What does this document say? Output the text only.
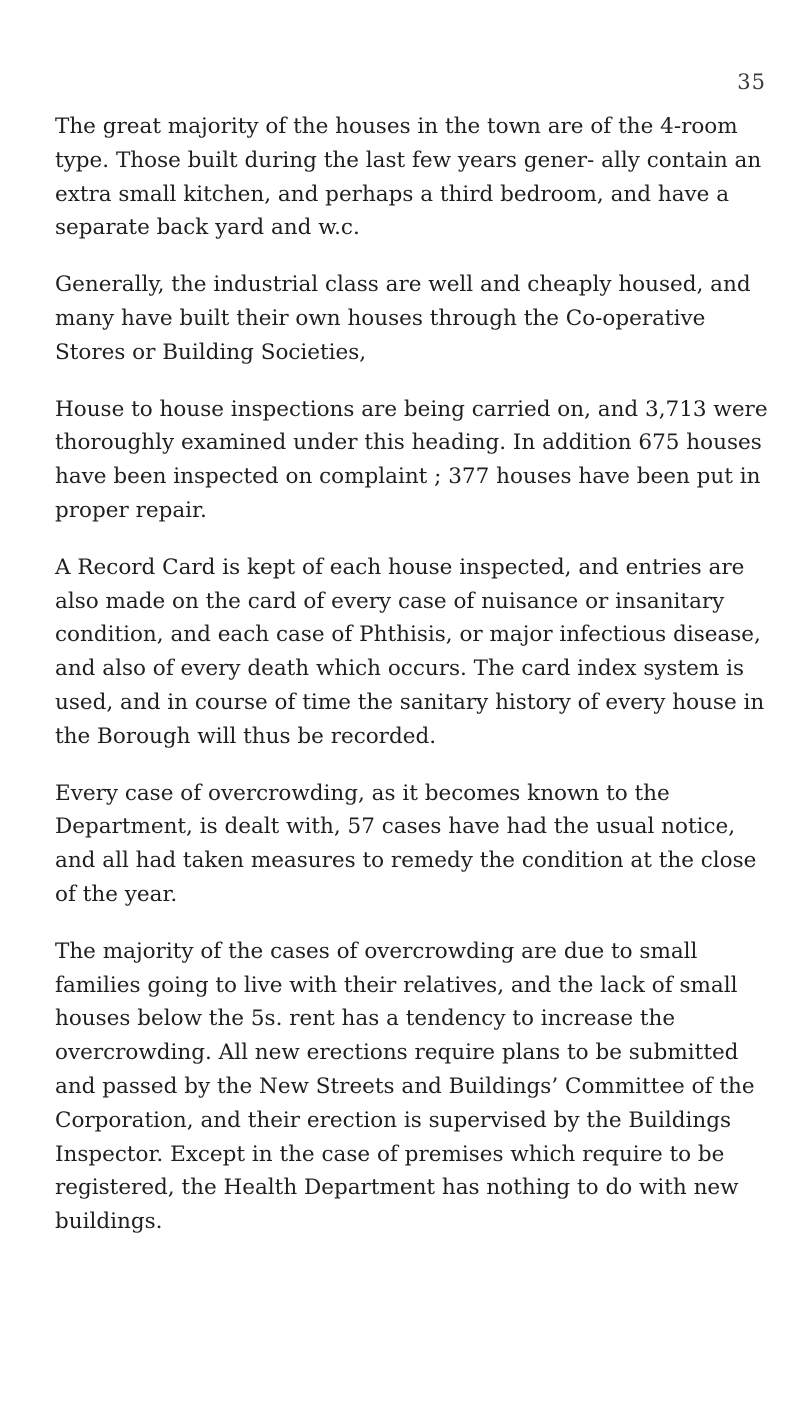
35

The great majority of the houses in the town are of the 4-room type. Those built during the last few years gener- ally contain an extra small kitchen, and perhaps a third bedroom, and have a separate back yard and w.c.

Generally, the industrial class are well and cheaply housed, and many have built their own houses through the Co-operative Stores or Building Societies,

House to house inspections are being carried on, and 3,713 were thoroughly examined under this heading. In addition 675 houses have been inspected on complaint ; 377 houses have been put in proper repair.

A Record Card is kept of each house inspected, and entries are also made on the card of every case of nuisance or insanitary condition, and each case of Phthisis, or major infectious disease, and also of every death which occurs. The card index system is used, and in course of time the sanitary history of every house in the Borough will thus be recorded.

Every case of overcrowding, as it becomes known to the Department, is dealt with, 57 cases have had the usual notice, and all had taken measures to remedy the condition at the close of the year.

The majority of the cases of overcrowding are due to small families going to live with their relatives, and the lack of small houses below the 5s. rent has a tendency to increase the overcrowding. All new erections require plans to be submitted and passed by the New Streets and Buildings’ Committee of the Corporation, and their erection is supervised by the Buildings Inspector. Except in the case of premises which require to be registered, the Health Department has nothing to do with new buildings.
